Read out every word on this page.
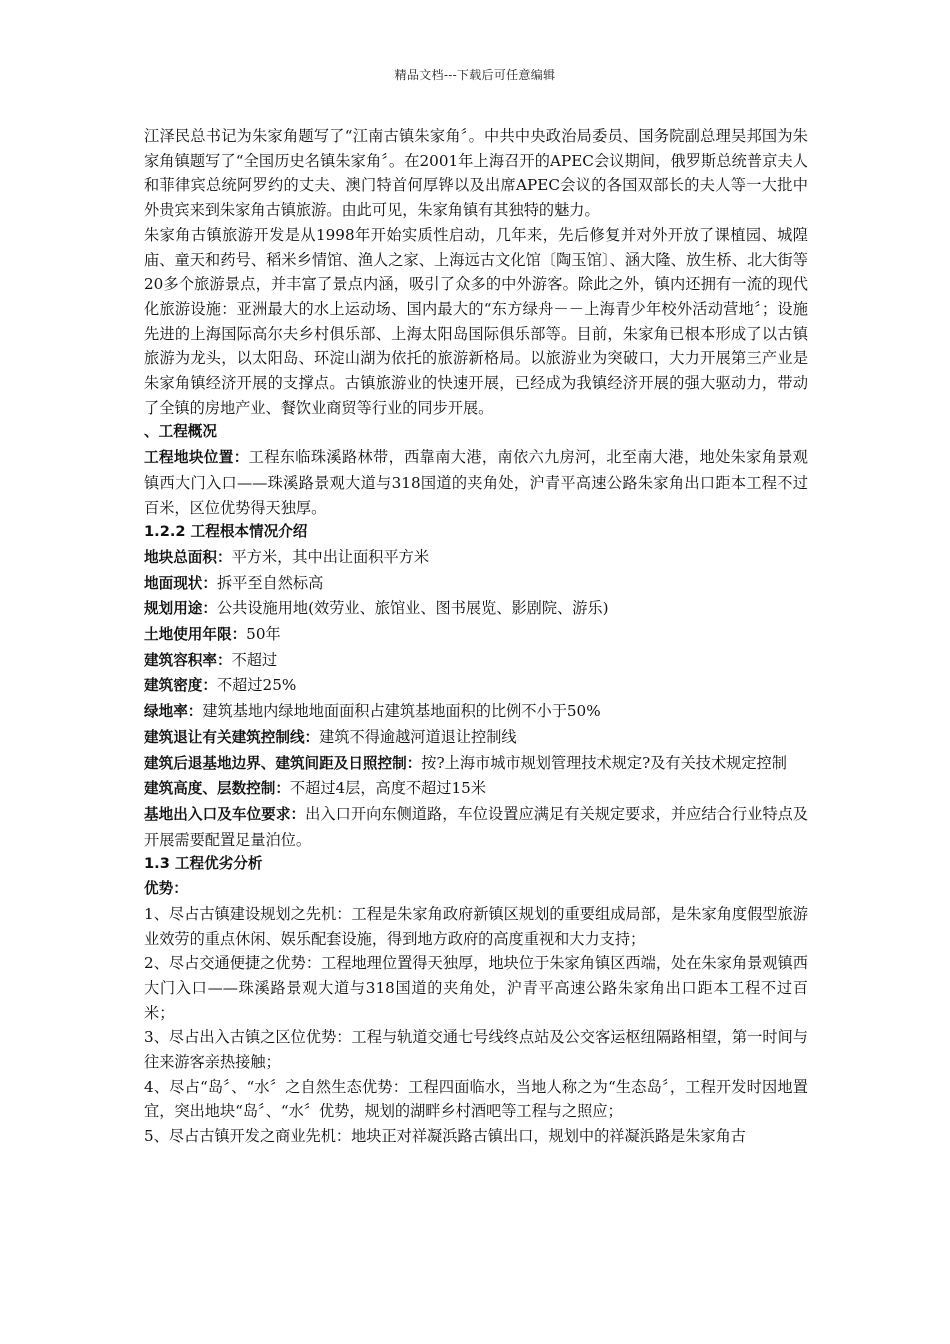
精品文档---下载后可任意编辑

江泽民总书记为朱家角题写了“江南古镇朱家角〞。中共中央政治局委员、国务院副总理吴邦国为朱家角镇题写了“全国历史名镇朱家角〞。在2001年上海召开的APEC会议期间，俄罗斯总统普京夫人和菲律宾总统阿罗约的丈夫、澳门特首何厚铧以及出席APEC会议的各国双部长的夫人等一大批中外贵宾来到朱家角古镇旅游。由此可见，朱家角镇有其独特的魅力。

朱家角古镇旅游开发是从1998年开始实质性启动，几年来，先后修复并对外开放了课植园、城隍庙、童天和药号、稻米乡情馆、渔人之家、上海远古文化馆〔陶玉馆〕、涵大隆、放生桥、北大街等20多个旅游景点，并丰富了景点内涵，吸引了众多的中外游客。除此之外，镇内还拥有一流的现代化旅游设施：亚洲最大的水上运动场、国内最大的“东方绿舟－－上海青少年校外活动营地〞；设施先进的上海国际高尔夫乡村俱乐部、上海太阳岛国际俱乐部等。目前，朱家角已根本形成了以古镇旅游为龙头，以太阳岛、环淀山湖为依托的旅游新格局。以旅游业为突破口，大力开展第三产业是朱家角镇经济开展的支撑点。古镇旅游业的快速开展，已经成为我镇经济开展的强大驱动力，带动了全镇的房地产业、餐饮业商贸等行业的同步开展。

、工程概况

工程地块位置：工程东临珠溪路林带，西靠南大港，南依六九房河，北至南大港，地处朱家角景观镇西大门入口——珠溪路景观大道与318国道的夹角处，沪青平高速公路朱家角出口距本工程不过百米，区位优势得天独厚。

1.2.2 工程根本情况介绍

地块总面积：平方米，其中出让面积平方米

地面现状：拆平至自然标高

规划用途：公共设施用地(效劳业、旅馆业、图书展览、影剧院、游乐)

土地使用年限：50年

建筑容积率：不超过

建筑密度：不超过25%

绿地率：建筑基地内绿地地面面积占建筑基地面积的比例不小于50%

建筑退让有关建筑控制线：建筑不得逾越河道退让控制线

建筑后退基地边界、建筑间距及日照控制：按?上海市城市规划管理技术规定?及有关技术规定控制

建筑高度、层数控制：不超过4层，高度不超过15米

基地出入口及车位要求：出入口开向东侧道路，车位设置应满足有关规定要求，并应结合行业特点及开展需要配置足量泊位。

1.3 工程优劣分析

优势：

1、尽占古镇建设规划之先机：工程是朱家角政府新镇区规划的重要组成局部，是朱家角度假型旅游业效劳的重点休闲、娱乐配套设施，得到地方政府的高度重视和大力支持；

2、尽占交通便捷之优势：工程地理位置得天独厚，地块位于朱家角镇区西端，处在朱家角景观镇西大门入口——珠溪路景观大道与318国道的夹角处，沪青平高速公路朱家角出口距本工程不过百米；

3、尽占出入古镇之区位优势：工程与轨道交通七号线终点站及公交客运枢纽隔路相望，第一时间与往来游客亲热接触；

4、尽占“岛〞、“水〞之自然生态优势：工程四面临水，当地人称之为“生态岛〞，工程开发时因地置宜，突出地块“岛〞、“水〞优势，规划的湖畔乡村酒吧等工程与之照应；

5、尽占古镇开发之商业先机：地块正对祥凝浜路古镇出口，规划中的祥凝浜路是朱家角古
